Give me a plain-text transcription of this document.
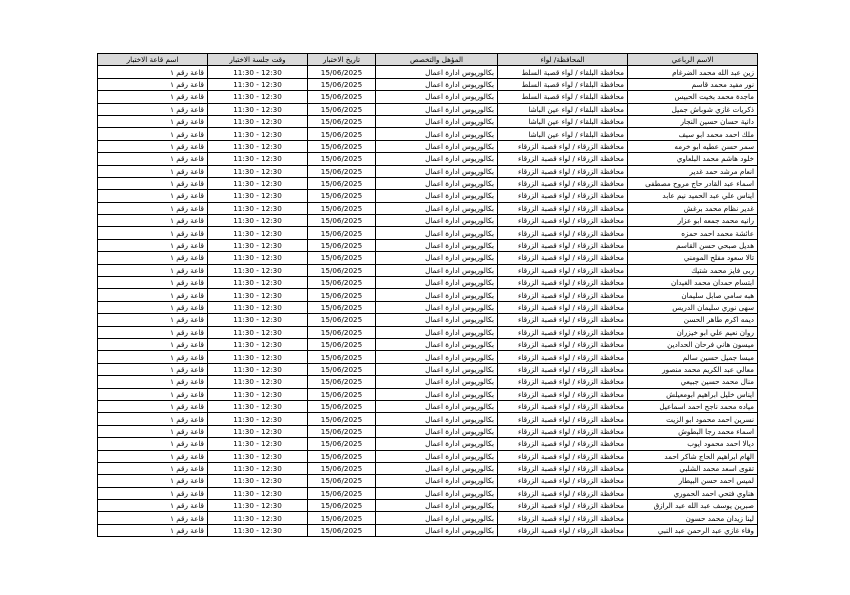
اسم قاعة الاختبار	وقت جلسة الاختبار	تاريخ الاختبار	المؤهل والتخصص	المحافظة/ لواء	الاسم الرباعي
قاعة رقم ١	11:30 - 12:30	15/06/2025	بكالوريوس ادارة اعمال	محافظة البلقاء / لواء قصبة السلط	زين عبد الله محمد الضرغام
قاعة رقم ١	11:30 - 12:30	15/06/2025	بكالوريوس ادارة اعمال	محافظة البلقاء / لواء قصبة السلط	نور مفيد محمد قاسم
قاعة رقم ١	11:30 - 12:30	15/06/2025	بكالوريوس ادارة اعمال	محافظة البلقاء / لواء قصبة السلط	ماجدة محمد بخيت الحبيس
قاعة رقم ١	11:30 - 12:30	15/06/2025	بكالوريوس ادارة اعمال	محافظة البلقاء / لواء عين الباشا	ذكريات غازي شوباش جميل
قاعة رقم ١	11:30 - 12:30	15/06/2025	بكالوريوس ادارة اعمال	محافظة البلقاء / لواء عين الباشا	دانية حسان حسين النجار
قاعة رقم ١	11:30 - 12:30	15/06/2025	بكالوريوس ادارة اعمال	محافظة البلقاء / لواء عين الباشا	ملك احمد محمد ابو سيف
قاعة رقم ١	11:30 - 12:30	15/06/2025	بكالوريوس ادارة اعمال	محافظة الزرقاء / لواء قصبة الزرقاء	سمر حسن عطيه ابو خرمه
قاعة رقم ١	11:30 - 12:30	15/06/2025	بكالوريوس ادارة اعمال	محافظة الزرقاء / لواء قصبة الزرقاء	خلود هاشم محمد البلعاوي
قاعة رقم ١	11:30 - 12:30	15/06/2025	بكالوريوس ادارة اعمال	محافظة الزرقاء / لواء قصبة الزرقاء	انعام مرشد حمد غدير
قاعة رقم ١	11:30 - 12:30	15/06/2025	بكالوريوس ادارة اعمال	محافظة الزرقاء / لواء قصبة الزرقاء	اسماء عبد القادر حاج مروح مصطفى
قاعة رقم ١	11:30 - 12:30	15/06/2025	بكالوريوس ادارة اعمال	محافظة الزرقاء / لواء قصبة الزرقاء	ايناس علي عبد الحميد نيم عابد
قاعة رقم ١	11:30 - 12:30	15/06/2025	بكالوريوس ادارة اعمال	محافظة الزرقاء / لواء قصبة الزرقاء	غدير نظام محمد برغش
قاعة رقم ١	11:30 - 12:30	15/06/2025	بكالوريوس ادارة اعمال	محافظة الزرقاء / لواء قصبة الزرقاء	رانيه محمد جمعه ابو عزار
قاعة رقم ١	11:30 - 12:30	15/06/2025	بكالوريوس ادارة اعمال	محافظة الزرقاء / لواء قصبة الزرقاء	عائشة محمد احمد حمزه
قاعة رقم ١	11:30 - 12:30	15/06/2025	بكالوريوس ادارة اعمال	محافظة الزرقاء / لواء قصبة الزرقاء	هديل صبحي حسن القاسم
قاعة رقم ١	11:30 - 12:30	15/06/2025	بكالوريوس ادارة اعمال	محافظة الزرقاء / لواء قصبة الزرقاء	تالا سعود مفلح المومني
قاعة رقم ١	11:30 - 12:30	15/06/2025	بكالوريوس ادارة اعمال	محافظة الزرقاء / لواء قصبة الزرقاء	ربى فايز محمد شتيك
قاعة رقم ١	11:30 - 12:30	15/06/2025	بكالوريوس ادارة اعمال	محافظة الزرقاء / لواء قصبة الزرقاء	ابتسام حمدان محمد الغيدان
قاعة رقم ١	11:30 - 12:30	15/06/2025	بكالوريوس ادارة اعمال	محافظة الزرقاء / لواء قصبة الزرقاء	هبه سامي صابل سليمان
قاعة رقم ١	11:30 - 12:30	15/06/2025	بكالوريوس ادارة اعمال	محافظة الزرقاء / لواء قصبة الزرقاء	سهى نوري سليمان الدريس
قاعة رقم ١	11:30 - 12:30	15/06/2025	بكالوريوس ادارة اعمال	محافظة الزرقاء / لواء قصبة الزرقاء	ديمه اكرم طاهر الحسن
قاعة رقم ١	11:30 - 12:30	15/06/2025	بكالوريوس ادارة اعمال	محافظة الزرقاء / لواء قصبة الزرقاء	روان نعيم علي ابو خيزران
قاعة رقم ١	11:30 - 12:30	15/06/2025	بكالوريوس ادارة اعمال	محافظة الزرقاء / لواء قصبة الزرقاء	ميسون هاني فرحان الحدادين
قاعة رقم ١	11:30 - 12:30	15/06/2025	بكالوريوس ادارة اعمال	محافظة الزرقاء / لواء قصبة الزرقاء	ميسا جميل حسين سالم
قاعة رقم ١	11:30 - 12:30	15/06/2025	بكالوريوس ادارة اعمال	محافظة الزرقاء / لواء قصبة الزرقاء	معالي عبد الكريم محمد منصور
قاعة رقم ١	11:30 - 12:30	15/06/2025	بكالوريوس ادارة اعمال	محافظة الزرقاء / لواء قصبة الزرقاء	منال محمد حسين جبيعي
قاعة رقم ١	11:30 - 12:30	15/06/2025	بكالوريوس ادارة اعمال	محافظة الزرقاء / لواء قصبة الزرقاء	ايناس خليل ابراهيم ابومعيلش
قاعة رقم ١	11:30 - 12:30	15/06/2025	بكالوريوس ادارة اعمال	محافظة الزرقاء / لواء قصبة الزرقاء	مياده محمد ناجح احمد اسماعيل
قاعة رقم ١	11:30 - 12:30	15/06/2025	بكالوريوس ادارة اعمال	محافظة الزرقاء / لواء قصبة الزرقاء	نسرين احمد محمود ابو الزيت
قاعة رقم ١	11:30 - 12:30	15/06/2025	بكالوريوس ادارة اعمال	محافظة الزرقاء / لواء قصبة الزرقاء	اسماء محمد رجا البطوش
قاعة رقم ١	11:30 - 12:30	15/06/2025	بكالوريوس ادارة اعمال	محافظة الزرقاء / لواء قصبة الزرقاء	ديالا احمد محمود ايوب
قاعة رقم ١	11:30 - 12:30	15/06/2025	بكالوريوس ادارة اعمال	محافظة الزرقاء / لواء قصبة الزرقاء	الهام ابراهيم الحاج شاكر احمد
قاعة رقم ١	11:30 - 12:30	15/06/2025	بكالوريوس ادارة اعمال	محافظة الزرقاء / لواء قصبة الزرقاء	تقوى اسعد محمد الشلبي
قاعة رقم ١	11:30 - 12:30	15/06/2025	بكالوريوس ادارة اعمال	محافظة الزرقاء / لواء قصبة الزرقاء	لميس احمد حسن البيطار
قاعة رقم ١	11:30 - 12:30	15/06/2025	بكالوريوس ادارة اعمال	محافظة الزرقاء / لواء قصبة الزرقاء	هناوي فتحي احمد الحموري
قاعة رقم ١	11:30 - 12:30	15/06/2025	بكالوريوس ادارة اعمال	محافظة الزرقاء / لواء قصبة الزرقاء	صبرين يوسف عبد الله عبد الرازق
قاعة رقم ١	11:30 - 12:30	15/06/2025	بكالوريوس ادارة اعمال	محافظة الزرقاء / لواء قصبة الزرقاء	لينا زيدان محمد حسون
قاعة رقم ١	11:30 - 12:30	15/06/2025	بكالوريوس ادارة اعمال	محافظة الزرقاء / لواء قصبة الزرقاء	وفاء غازي عبد الرحمن عبد النبي
